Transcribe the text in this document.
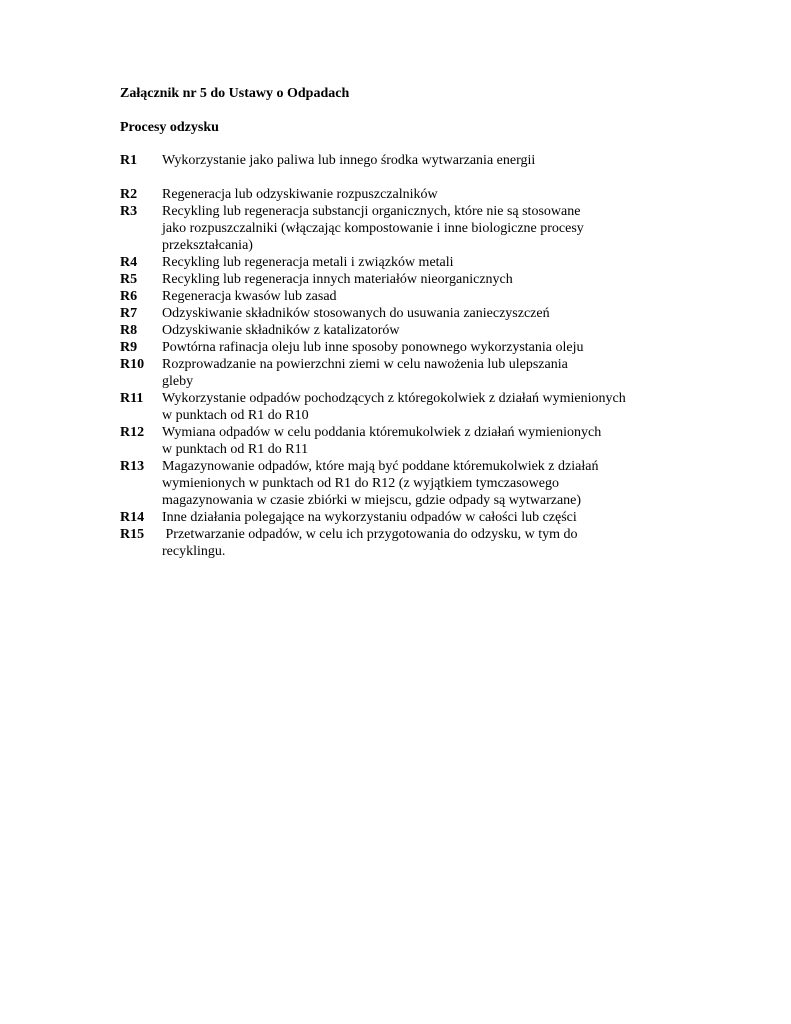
Załącznik nr 5 do Ustawy o Odpadach
Procesy odzysku
R1	Wykorzystanie jako paliwa lub innego środka wytwarzania energii
R2	Regeneracja lub odzyskiwanie rozpuszczalników
R3	Recykling lub regeneracja substancji organicznych, które nie są stosowane
jako rozpuszczalniki (włączając kompostowanie i inne biologiczne procesy
przekształcania)
R4	Recykling lub regeneracja metali i związków metali
R5	Recykling lub regeneracja innych materiałów nieorganicznych
R6	Regeneracja kwasów lub zasad
R7	Odzyskiwanie składników stosowanych do usuwania zanieczyszczeń
R8	Odzyskiwanie składników z katalizatorów
R9	Powtórna rafinacja oleju lub inne sposoby ponownego wykorzystania oleju
R10	Rozprowadzanie na powierzchni ziemi w celu nawożenia lub ulepszania
gleby
R11	Wykorzystanie odpadów pochodzących z któregokolwiek z działań wymienionych
w punktach od R1 do R10
R12	Wymiana odpadów w celu poddania któremukolwiek z działań wymienionych
w punktach od R1 do R11
R13	Magazynowanie odpadów, które mają być poddane któremukolwiek z działań
wymienionych w punktach od R1 do R12 (z wyjątkiem tymczasowego
magazynowania w czasie zbiórki w miejscu, gdzie odpady są wytwarzane)
R14	Inne działania polegające na wykorzystaniu odpadów w całości lub części
R15	Przetwarzanie odpadów, w celu ich przygotowania do odzysku, w tym do
recyklingu.
